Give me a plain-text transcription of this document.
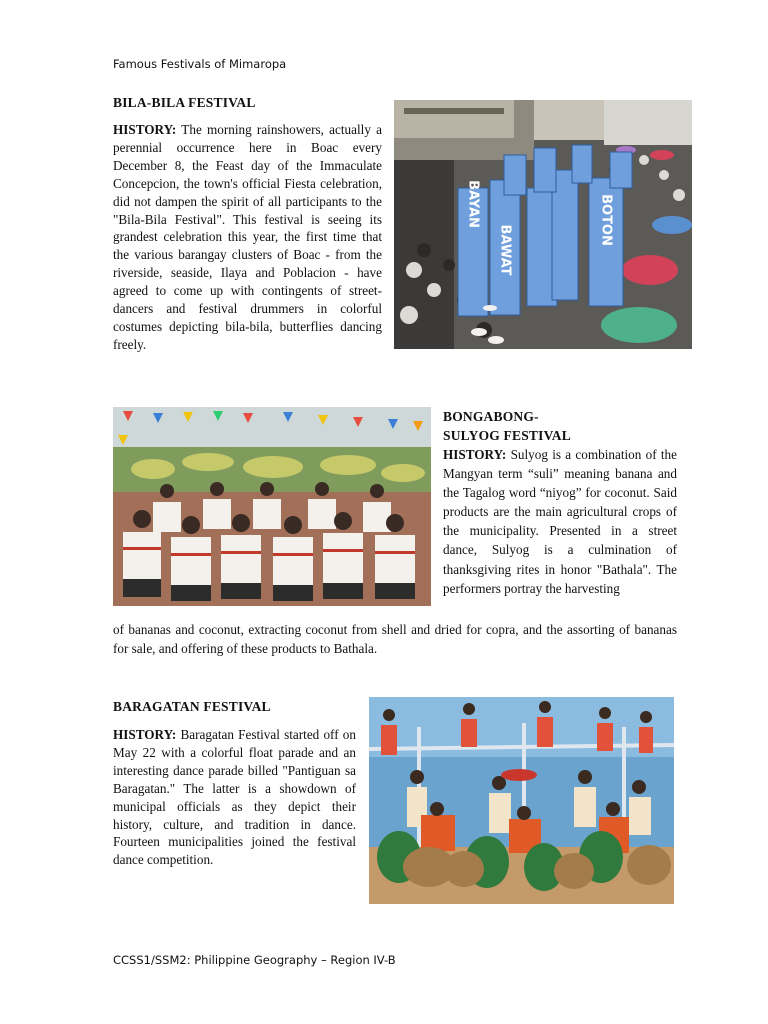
Famous Festivals of Mimaropa
BILA-BILA FESTIVAL

HISTORY: The morning rainshowers, actually a perennial occurrence here in Boac every December 8, the Feast day of the Immaculate Concepcion, the town's official Fiesta celebration, did not dampen the spirit of all participants to the "Bila-Bila Festival". This festival is seeing its grandest celebration this year, the first time that the various barangay clusters of Boac - from the riverside, seaside, Ilaya and Poblacion - have agreed to come up with contingents of street-dancers and festival drummers in colorful costumes depicting bila-bila, butterflies dancing freely.

BAYAN
BAWAT
BOTON
BONGABONG-SULYOG FESTIVAL

HISTORY: Sulyog is a combination of the Mangyan term “suli” meaning banana and the Tagalog word “niyog” for coconut. Said products are the main agricultural crops of the municipality. Presented in a street dance, Sulyog is a culmination of thanksgiving rites in honor "Bathala". The performers portray the harvesting

of bananas and coconut, extracting coconut from shell and dried for copra, and the assorting of bananas for sale, and offering of these products to Bathala.

BARAGATAN FESTIVAL

HISTORY: Baragatan Festival started off on May 22 with a colorful float parade and an interesting dance parade billed "Pantiguan sa Baragatan." The latter is a showdown of municipal officials as they depict their history, culture, and tradition in dance. Fourteen municipalities joined the festival dance competition.

CCSS1/SSM2: Philippine Geography – Region IV-B
